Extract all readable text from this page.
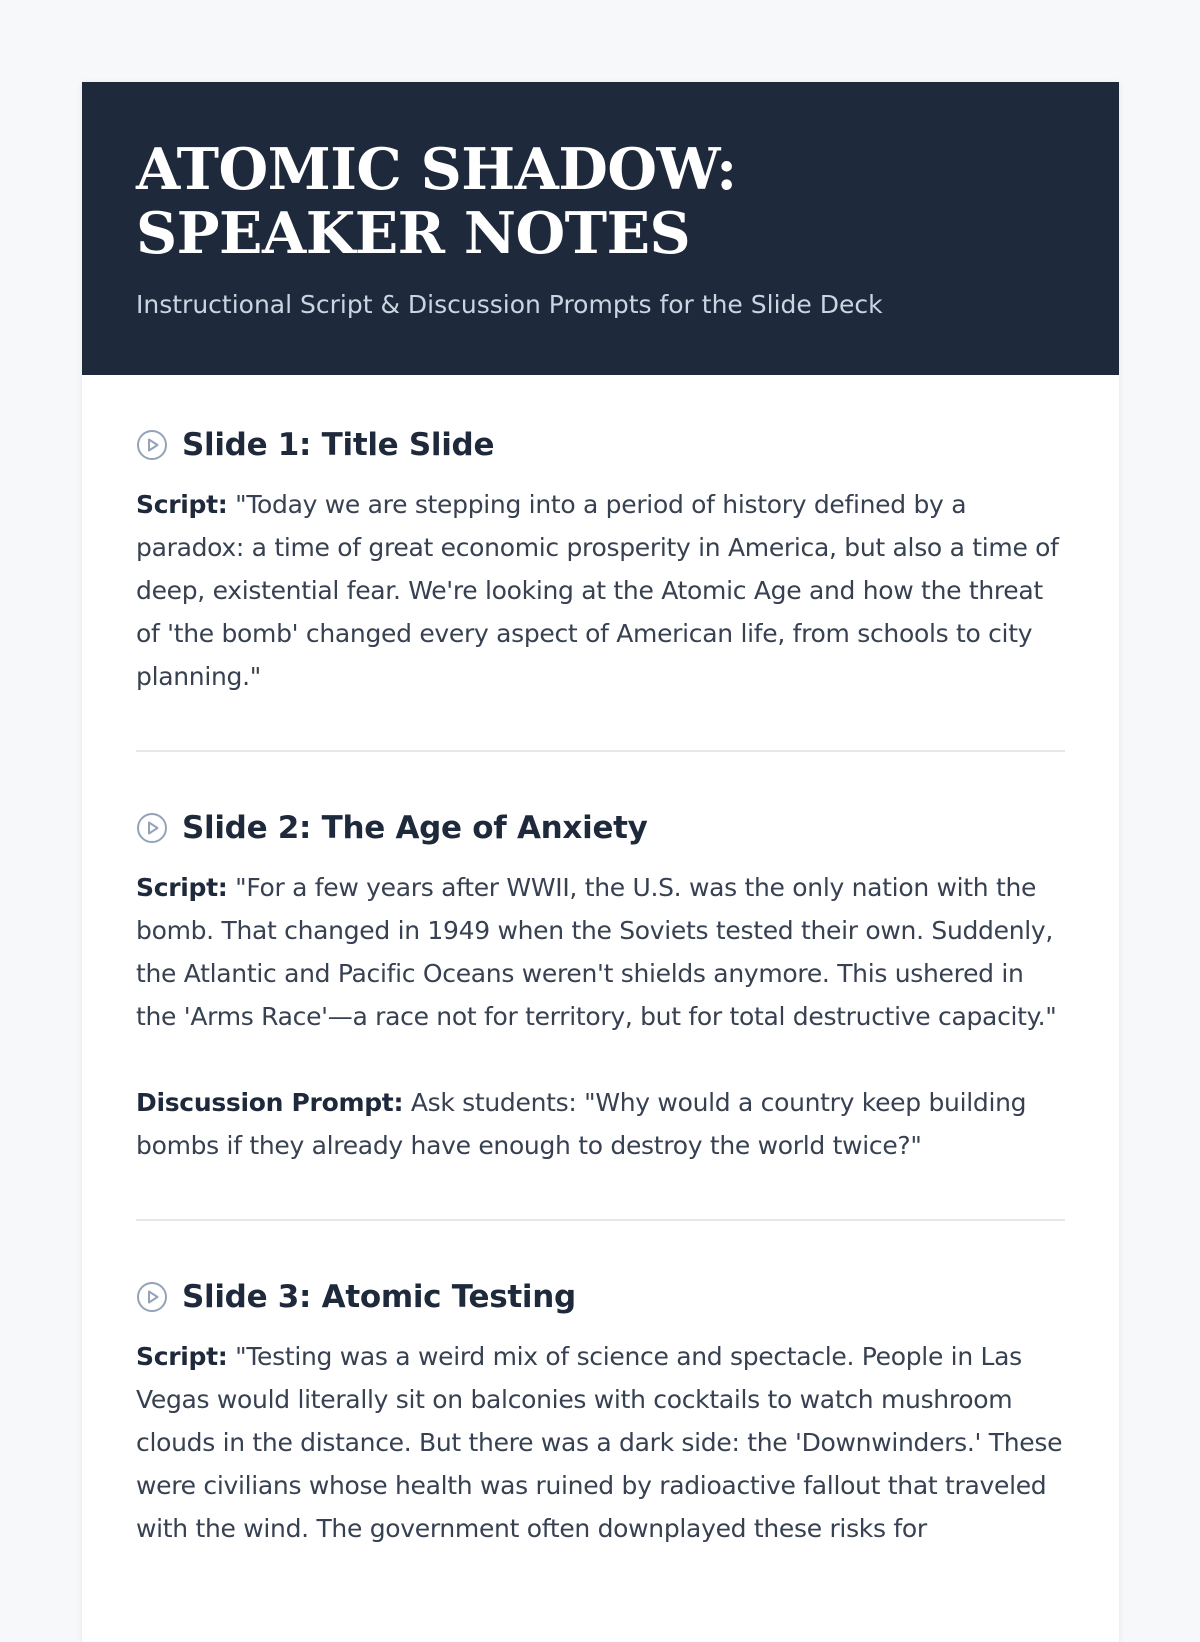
ATOMIC SHADOW: SPEAKER NOTES
Instructional Script & Discussion Prompts for the Slide Deck
Slide 1: Title Slide

Script: "Today we are stepping into a period of history defined by a paradox: a time of great economic prosperity in America, but also a time of deep, existential fear. We're looking at the Atomic Age and how the threat of 'the bomb' changed every aspect of American life, from schools to city planning."

Slide 2: The Age of Anxiety

Script: "For a few years after WWII, the U.S. was the only nation with the bomb. That changed in 1949 when the Soviets tested their own. Suddenly, the Atlantic and Pacific Oceans weren't shields anymore. This ushered in the 'Arms Race'—a race not for territory, but for total destructive capacity."

Discussion Prompt: Ask students: "Why would a country keep building bombs if they already have enough to destroy the world twice?"

Slide 3: Atomic Testing

Script: "Testing was a weird mix of science and spectacle. People in Las Vegas would literally sit on balconies with cocktails to watch mushroom clouds in the distance. But there was a dark side: the 'Downwinders.' These were civilians whose health was ruined by radioactive fallout that traveled with the wind. The government often downplayed these risks for
